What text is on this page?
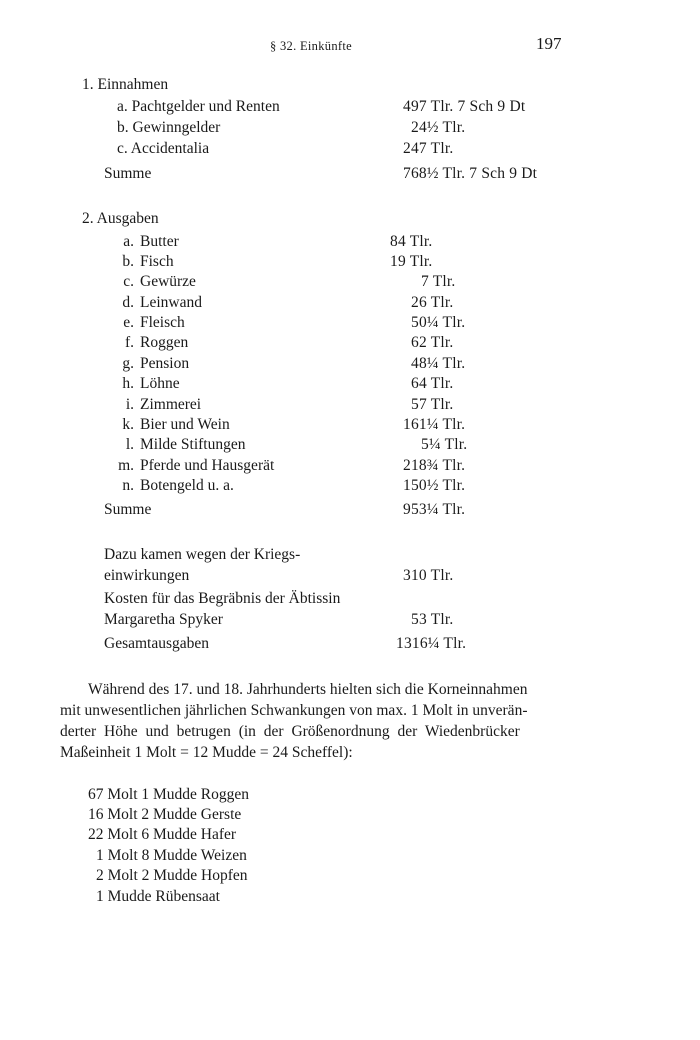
§ 32. Einkünfte	197
1. Einnahmen
a. Pachtgelder und Renten	497 Tlr. 7 Sch 9 Dt
b. Gewinngelder	24½ Tlr.
c. Accidentalia	247 Tlr.
Summe	768½ Tlr. 7 Sch 9 Dt
2. Ausgaben
a. Butter	84 Tlr.
b. Fisch	19 Tlr.
c. Gewürze	7 Tlr.
d. Leinwand	26 Tlr.
e. Fleisch	50¼ Tlr.
f. Roggen	62 Tlr.
g. Pension	48¼ Tlr.
h. Löhne	64 Tlr.
i. Zimmerei	57 Tlr.
k. Bier und Wein	161¼ Tlr.
l. Milde Stiftungen	5¼ Tlr.
m. Pferde und Hausgerät	218¾ Tlr.
n. Botengeld u. a.	150½ Tlr.
Summe	953¼ Tlr.
Dazu kamen wegen der Kriegs-
einwirkungen	310 Tlr.
Kosten für das Begräbnis der Äbtissin
Margaretha Spyker	53 Tlr.
Gesamtausgaben	1316¼ Tlr.
Während des 17. und 18. Jahrhunderts hielten sich die Korneinnahmen
mit unwesentlichen jährlichen Schwankungen von max. 1 Molt in unverän-
derter Höhe und betrugen (in der Größenordnung der Wiedenbrücker
Maßeinheit 1 Molt = 12 Mudde = 24 Scheffel):
67 Molt 1 Mudde Roggen
16 Molt 2 Mudde Gerste
22 Molt 6 Mudde Hafer
1 Molt 8 Mudde Weizen
2 Molt 2 Mudde Hopfen
1 Mudde Rübensaat
